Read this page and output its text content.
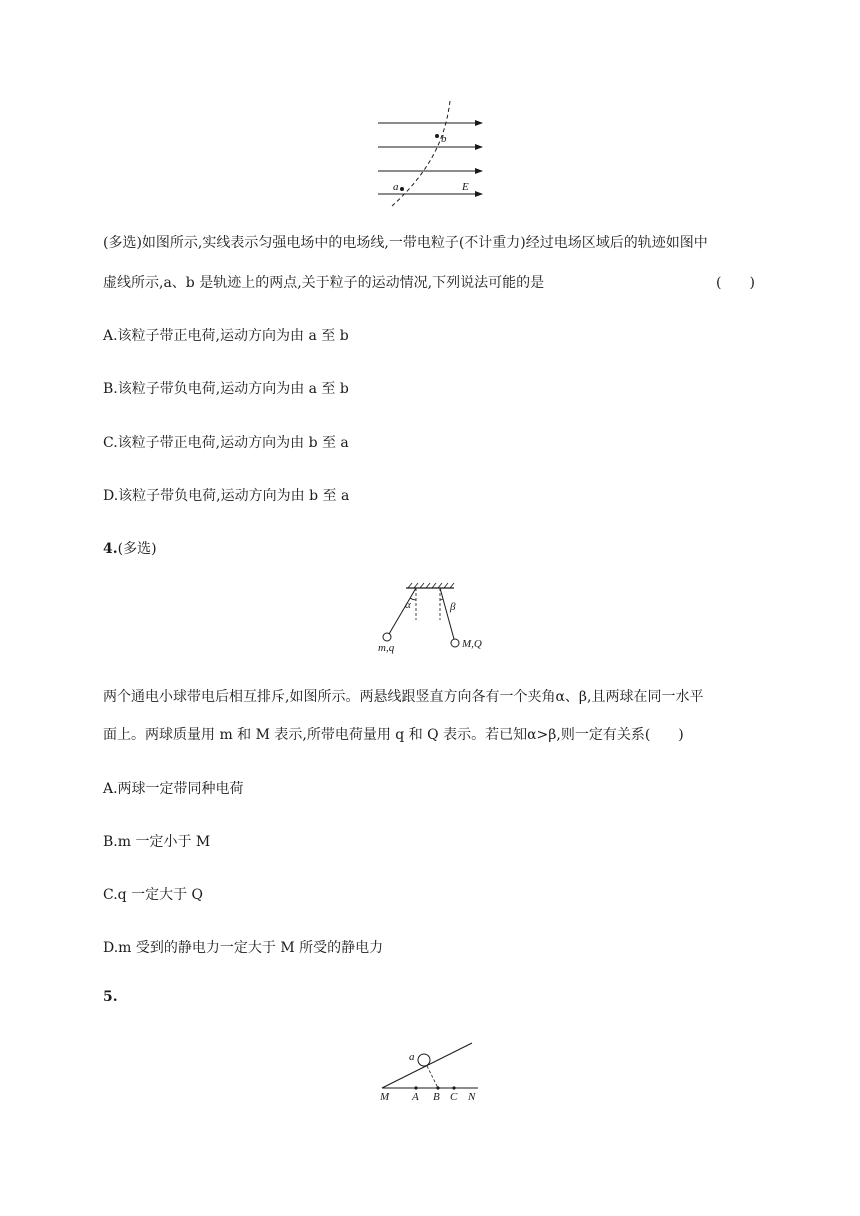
b
a	E
(多选)如图所示,实线表示匀强电场中的电场线,一带电粒子(不计重力)经过电场区域后的轨迹如图中
虚线所示,a、b 是轨迹上的两点,关于粒子的运动情况,下列说法可能的是	(　　)
A.该粒子带正电荷,运动方向为由 a 至 b
B.该粒子带负电荷,运动方向为由 a 至 b
C.该粒子带正电荷,运动方向为由 b 至 a
D.该粒子带负电荷,运动方向为由 b 至 a
4.(多选)
α	β
m,q	M,Q
两个通电小球带电后相互排斥,如图所示。两悬线跟竖直方向各有一个夹角α、β,且两球在同一水平
面上。两球质量用 m 和 M 表示,所带电荷量用 q 和 Q 表示。若已知α>β,则一定有关系(　　)
A.两球一定带同种电荷
B.m 一定小于 M
C.q 一定大于 Q
D.m 受到的静电力一定大于 M 所受的静电力
5.
a
M A B C N
